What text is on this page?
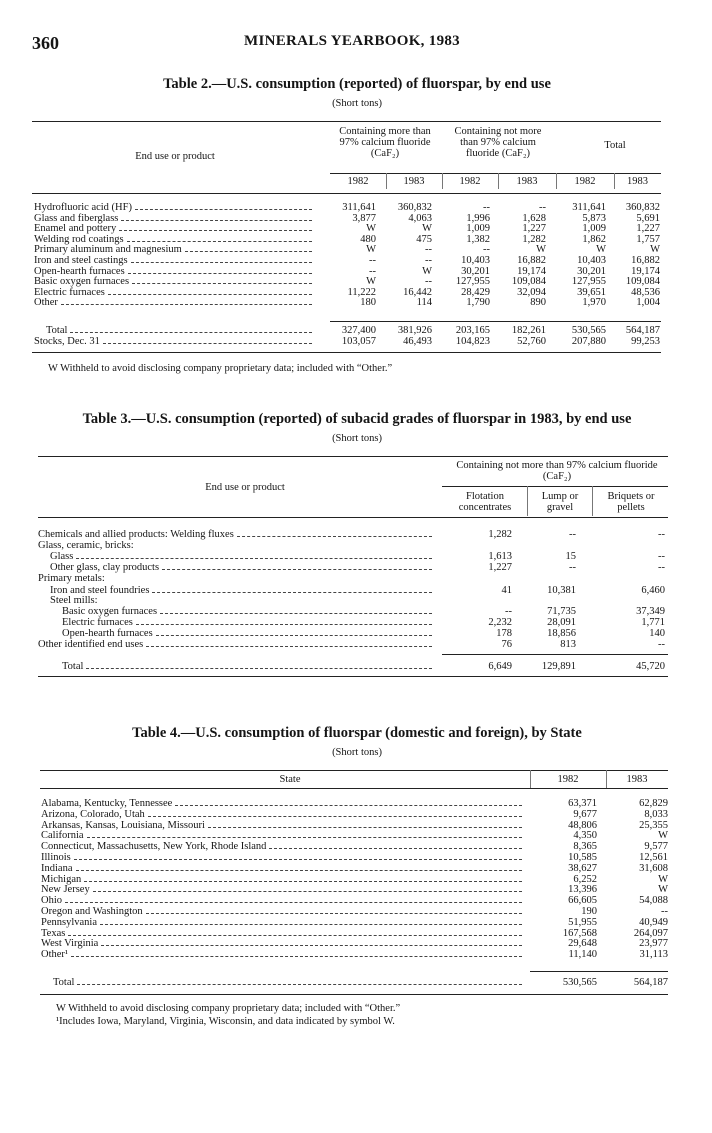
360	MINERALS YEARBOOK, 1983
Table 2.—U.S. consumption (reported) of fluorspar, by end use
(Short tons)
End use or product
Containing more than 97% calcium fluoride (CaF₂)
Containing not more than 97% calcium fluoride (CaF₂)
Total
1982	1983	1982	1983	1982	1983
Hydrofluoric acid (HF)	311,641	360,832	--	--	311,641	360,832
Glass and fiberglass	3,877	4,063	1,996	1,628	5,873	5,691
Enamel and pottery	W	W	1,009	1,227	1,009	1,227
Welding rod coatings	480	475	1,382	1,282	1,862	1,757
Primary aluminum and magnesium	W	--	--	W	W	W
Iron and steel castings	--	--	10,403	16,882	10,403	16,882
Open-hearth furnaces	--	W	30,201	19,174	30,201	19,174
Basic oxygen furnaces	W	--	127,955	109,084	127,955	109,084
Electric furnaces	11,222	16,442	28,429	32,094	39,651	48,536
Other	180	114	1,790	890	1,970	1,004
Total	327,400	381,926	203,165	182,261	530,565	564,187
Stocks, Dec. 31	103,057	46,493	104,823	52,760	207,880	99,253
W Withheld to avoid disclosing company proprietary data; included with “Other.”
Table 3.—U.S. consumption (reported) of subacid grades of fluorspar in 1983, by end use
(Short tons)
End use or product
Containing not more than 97% calcium fluoride (CaF₂)
Flotation concentrates
Lump or gravel
Briquets or pellets
Chemicals and allied products: Welding fluxes	1,282	--	--
Glass, ceramic, bricks:
Glass	1,613	15	--
Other glass, clay products	1,227	--	--
Primary metals:
Iron and steel foundries	41	10,381	6,460
Steel mills:
Basic oxygen furnaces	--	71,735	37,349
Electric furnaces	2,232	28,091	1,771
Open-hearth furnaces	178	18,856	140
Other identified end uses	76	813	--
Total	6,649	129,891	45,720
Table 4.—U.S. consumption of fluorspar (domestic and foreign), by State
(Short tons)
State	1982	1983
Alabama, Kentucky, Tennessee	63,371	62,829
Arizona, Colorado, Utah	9,677	8,033
Arkansas, Kansas, Louisiana, Missouri	48,806	25,355
California	4,350	W
Connecticut, Massachusetts, New York, Rhode Island	8,365	9,577
Illinois	10,585	12,561
Indiana	38,627	31,608
Michigan	6,252	W
New Jersey	13,396	W
Ohio	66,605	54,088
Oregon and Washington	190	--
Pennsylvania	51,955	40,949
Texas	167,568	264,097
West Virginia	29,648	23,977
Other¹	11,140	31,113
Total	530,565	564,187
W Withheld to avoid disclosing company proprietary data; included with “Other.”
¹Includes Iowa, Maryland, Virginia, Wisconsin, and data indicated by symbol W.
